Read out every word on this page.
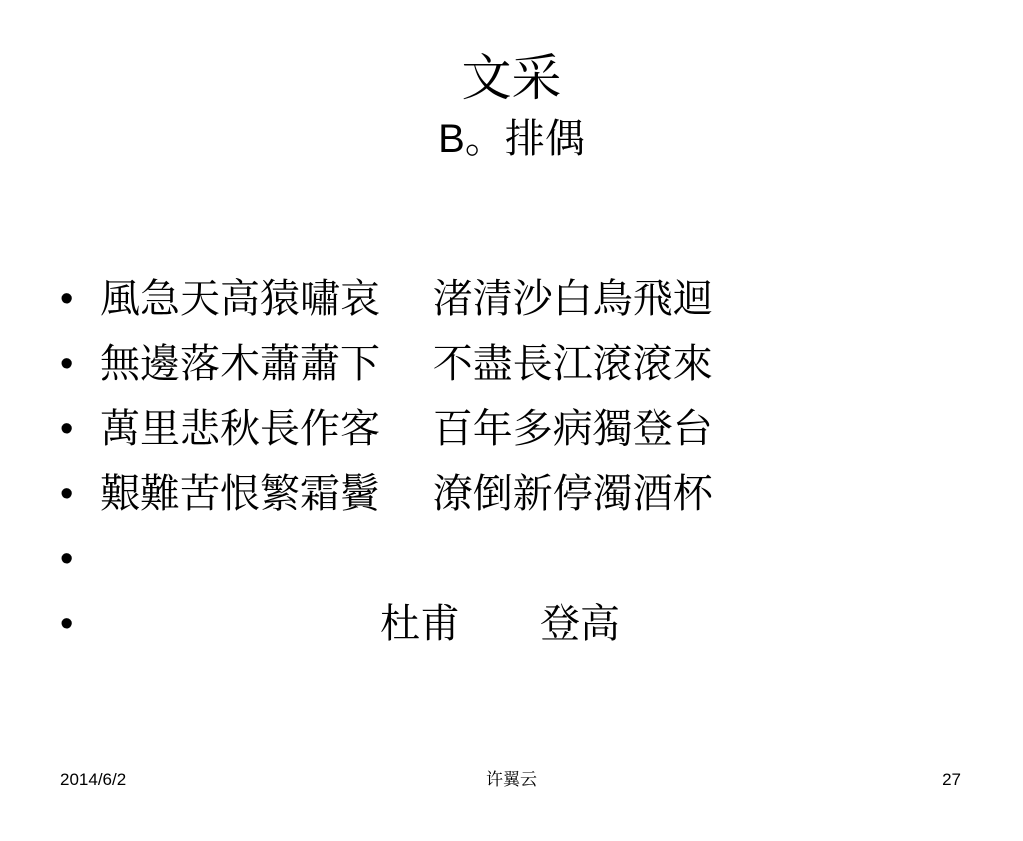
文采
B。排偶

•

風急天高猿嘯哀　 渚清沙白鳥飛迴

•

無邊落木蕭蕭下　 不盡長江滾滾來

•

萬里悲秋長作客　 百年多病獨登台

•

艱難苦恨繁霜鬢　 潦倒新停濁酒杯

•

•

　　　　　　　杜甫　　登高

2014/6/2	许翼云	27
